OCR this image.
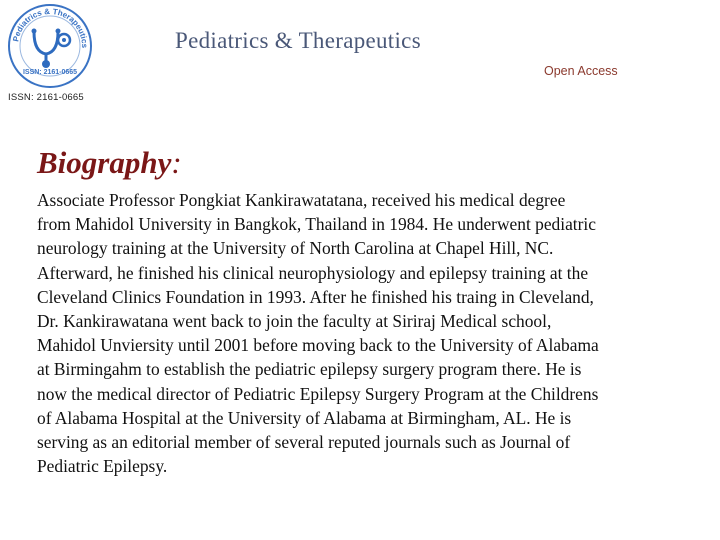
Pediatrics & Therapeutics
ISSN: 2161-0665
ISSN: 2161-0665
Pediatrics & Therapeutics
Open Access
Biography:
Associate Professor Pongkiat Kankirawatatana, received his medical degree
from Mahidol University in Bangkok, Thailand in 1984. He underwent pediatric
neurology training at the University of North Carolina at Chapel Hill, NC.
Afterward, he finished his clinical neurophysiology and epilepsy training at the
Cleveland Clinics Foundation in 1993. After he finished his traing in Cleveland,
Dr. Kankirawatana went back to join the faculty at Siriraj Medical school,
Mahidol Unviersity until 2001 before moving back to the University of Alabama
at Birmingahm to establish the pediatric epilepsy surgery program there. He is
now the medical director of Pediatric Epilepsy Surgery Program at the Childrens
of Alabama Hospital at the University of Alabama at Birmingham, AL. He is
serving as an editorial member of several reputed journals such as Journal of
Pediatric Epilepsy.
